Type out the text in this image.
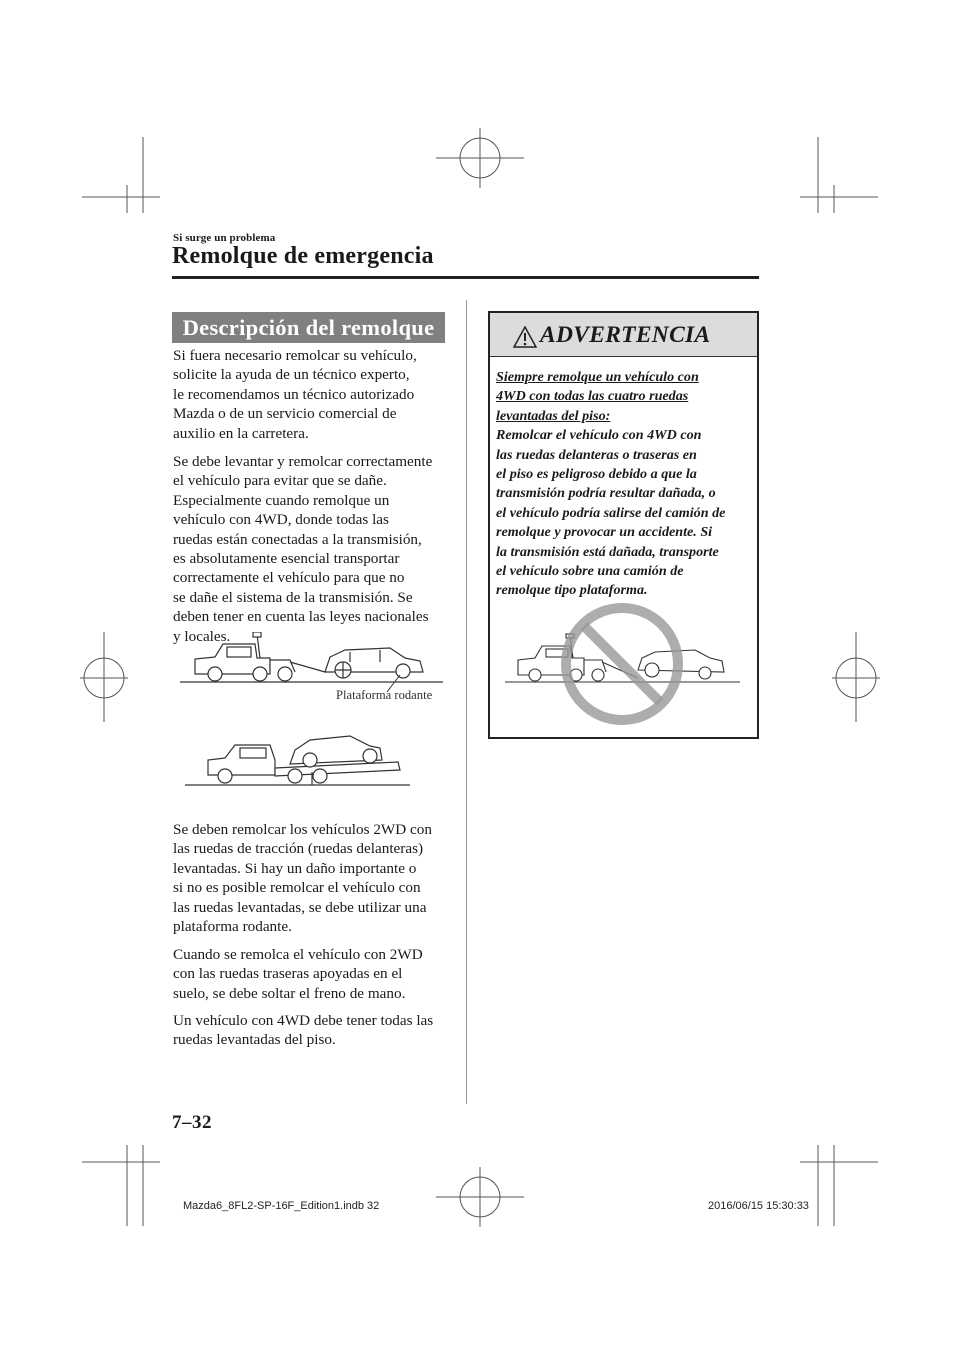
Si surge un problema
Remolque de emergencia
Descripción del remolque
Si fuera necesario remolcar su vehículo,
solicite la ayuda de un técnico experto,
le recomendamos un técnico autorizado
Mazda o de un servicio comercial de
auxilio en la carretera.
Se debe levantar y remolcar correctamente
el vehículo para evitar que se dañe.
Especialmente cuando remolque un
vehículo con 4WD, donde todas las
ruedas están conectadas a la transmisión,
es absolutamente esencial transportar
correctamente el vehículo para que no
se dañe el sistema de la transmisión. Se
deben tener en cuenta las leyes nacionales
y locales.
Plataforma rodante
Se deben remolcar los vehículos 2WD con
las ruedas de tracción (ruedas delanteras)
levantadas. Si hay un daño importante o
si no es posible remolcar el vehículo con
las ruedas levantadas, se debe utilizar una
plataforma rodante.
Cuando se remolca el vehículo con 2WD
con las ruedas traseras apoyadas en el
suelo, se debe soltar el freno de mano.
Un vehículo con 4WD debe tener todas las
ruedas levantadas del piso.
ADVERTENCIA
Siempre remolque un vehículo con
4WD con todas las cuatro ruedas
levantadas del piso:
Remolcar el vehículo con 4WD con
las ruedas delanteras o traseras en
el piso es peligroso debido a que la
transmisión podría resultar dañada, o
el vehículo podría salirse del camión de
remolque y provocar un accidente. Si
la transmisión está dañada, transporte
el vehículo sobre una camión de
remolque tipo plataforma.
7–32
Mazda6_8FL2-SP-16F_Edition1.indb 32	2016/06/15 15:30:33
